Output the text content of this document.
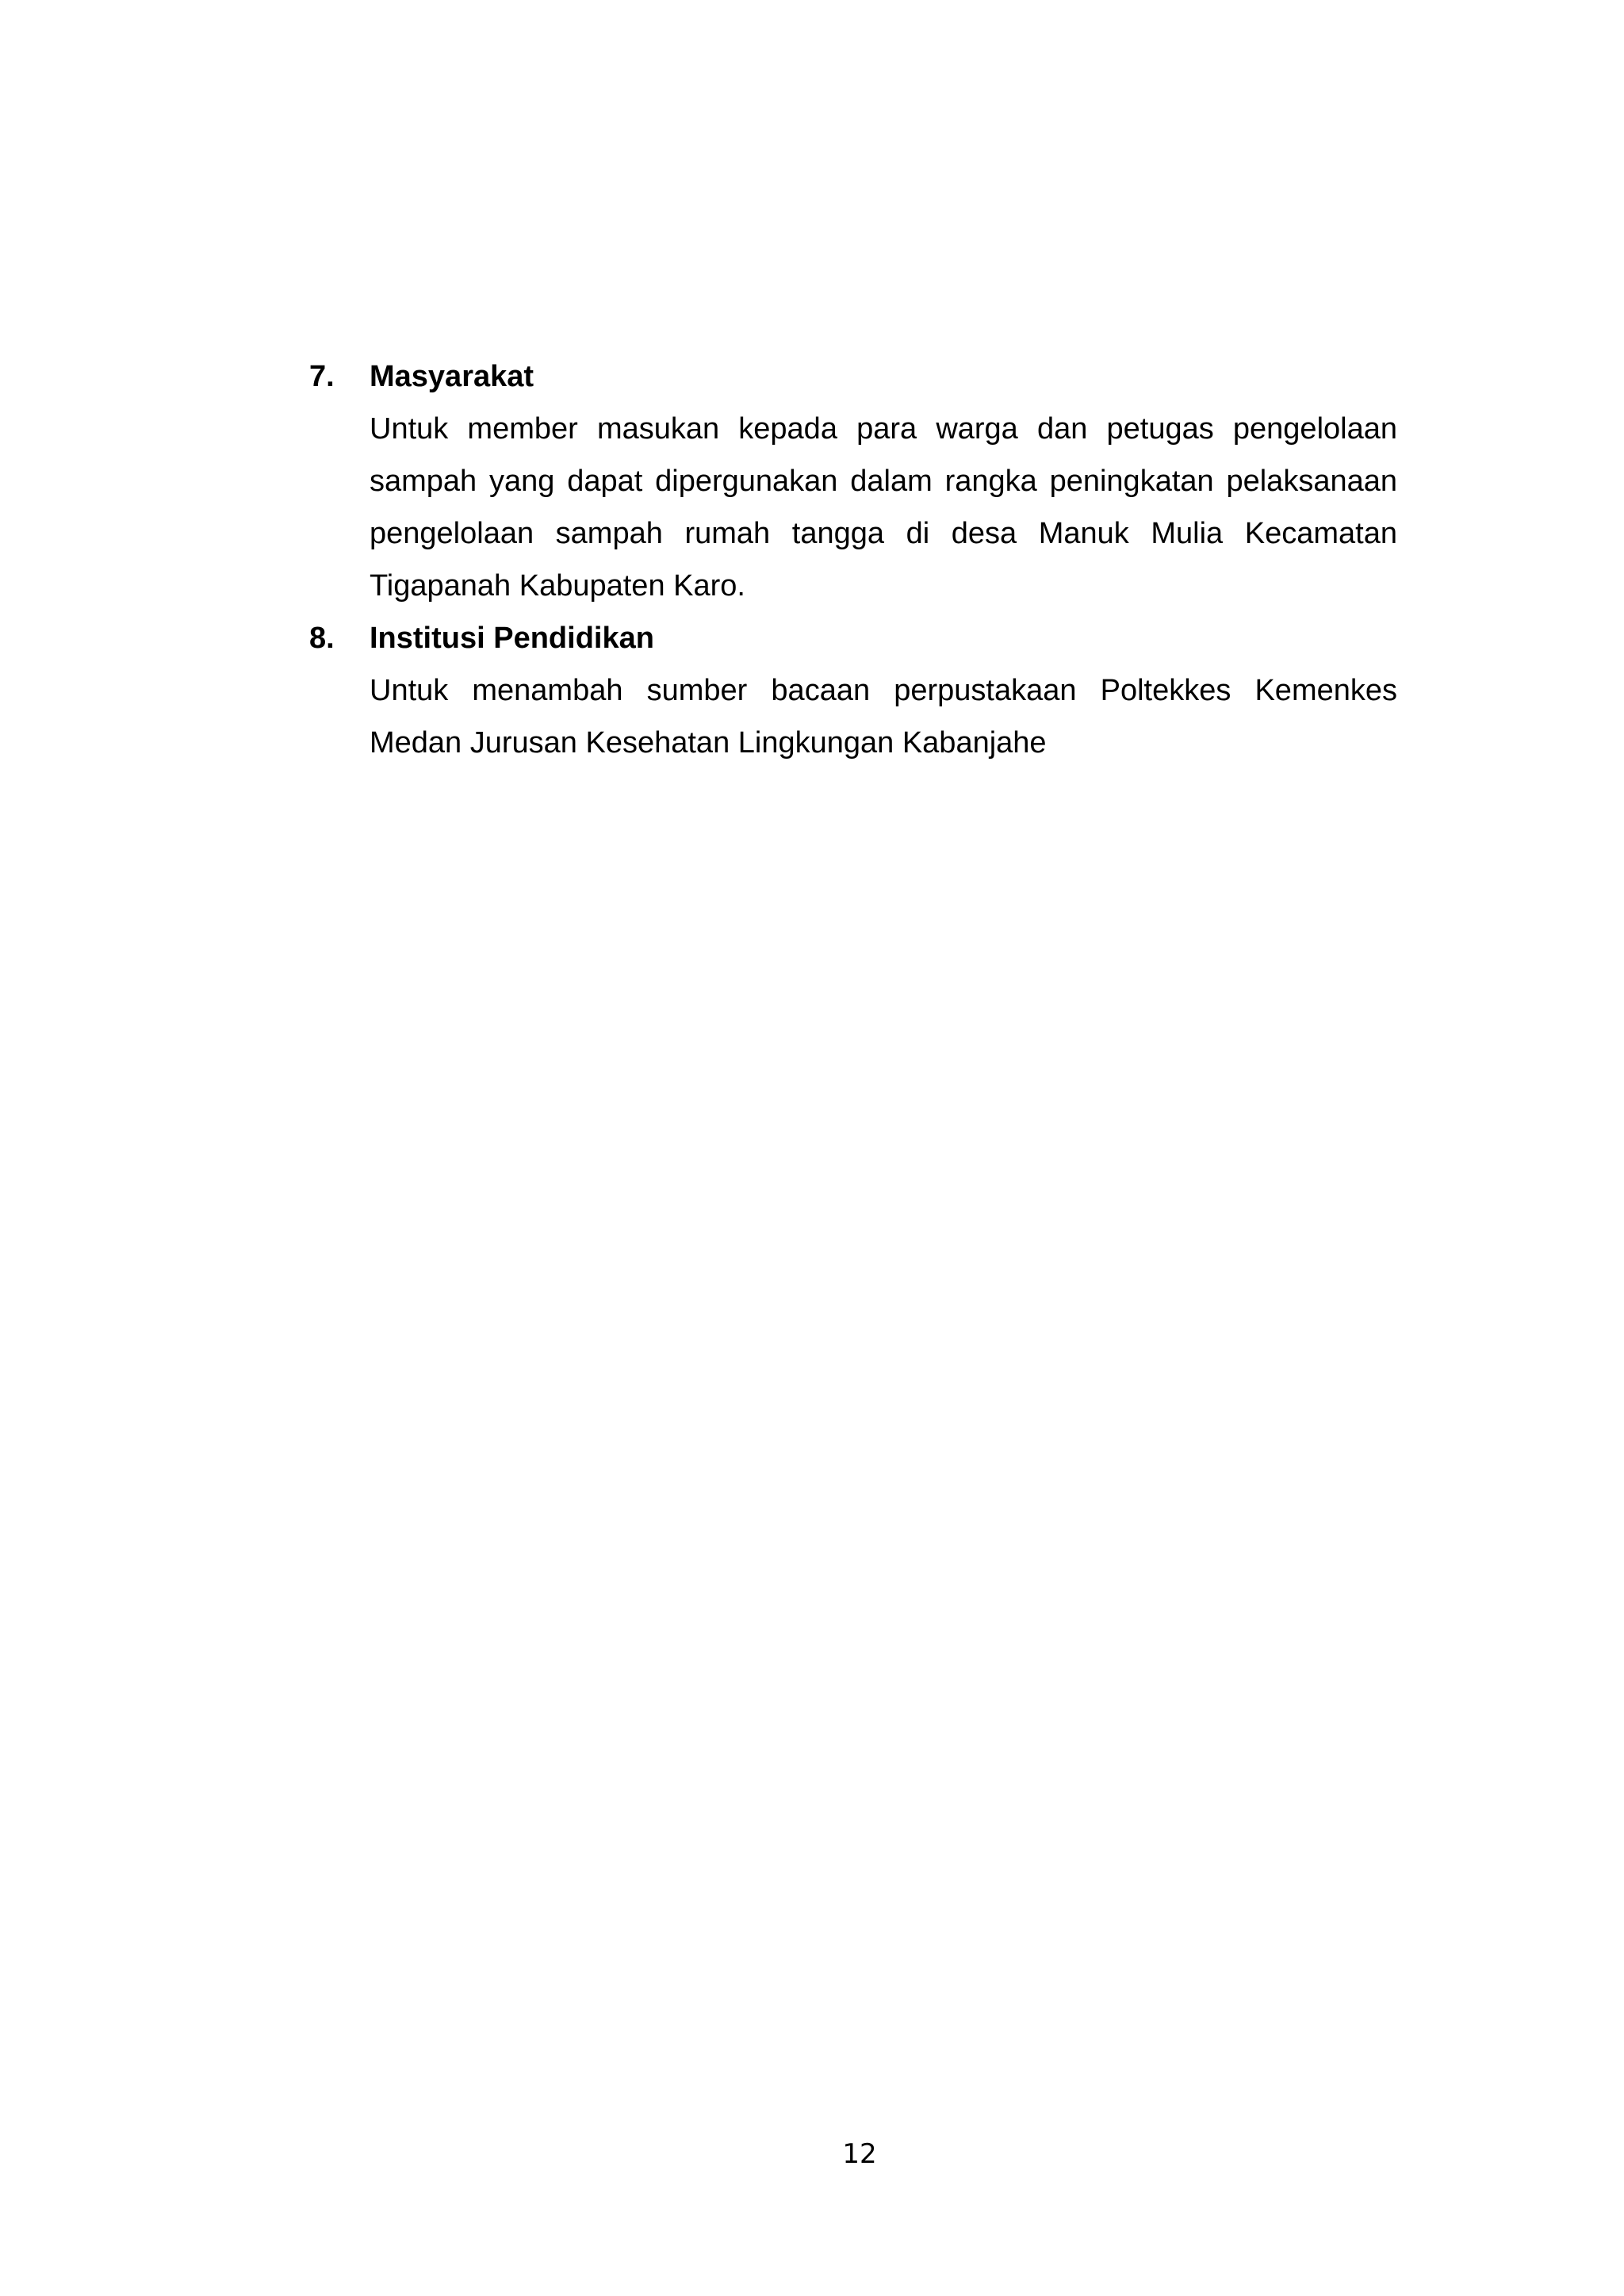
7. Masyarakat
Untuk member masukan kepada para warga dan petugas pengelolaan sampah yang dapat dipergunakan dalam rangka peningkatan pelaksanaan pengelolaan sampah rumah tangga di desa Manuk Mulia Kecamatan Tigapanah Kabupaten Karo.
8. Institusi Pendidikan
Untuk menambah sumber bacaan perpustakaan Poltekkes Kemenkes Medan Jurusan Kesehatan Lingkungan Kabanjahe
12
